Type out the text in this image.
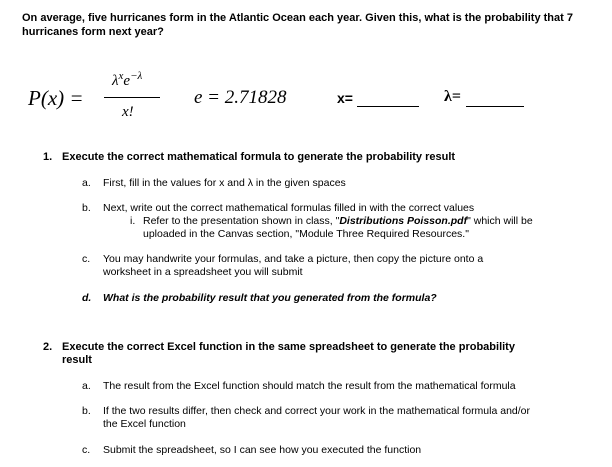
On average, five hurricanes form in the Atlantic Ocean each year. Given this, what is the probability that 7 hurricanes form next year?
P(x) =
$\lambda^xe^{-\lambda}$
x!
e = 2.71828	x=	λ=
1. Execute the correct mathematical formula to generate the probability result
a. First, fill in the values for x and λ in the given spaces
b. Next, write out the correct mathematical formulas filled in with the correct values
i. Refer to the presentation shown in class, "Distributions Poisson.pdf" which will be uploaded in the Canvas section, "Module Three Required Resources."
c. You may handwrite your formulas, and take a picture, then copy the picture onto a worksheet in a spreadsheet you will submit
d. What is the probability result that you generated from the formula?
2. Execute the correct Excel function in the same spreadsheet to generate the probability result
a. The result from the Excel function should match the result from the mathematical formula
b. If the two results differ, then check and correct your work in the mathematical formula and/or the Excel function
c. Submit the spreadsheet, so I can see how you executed the function
